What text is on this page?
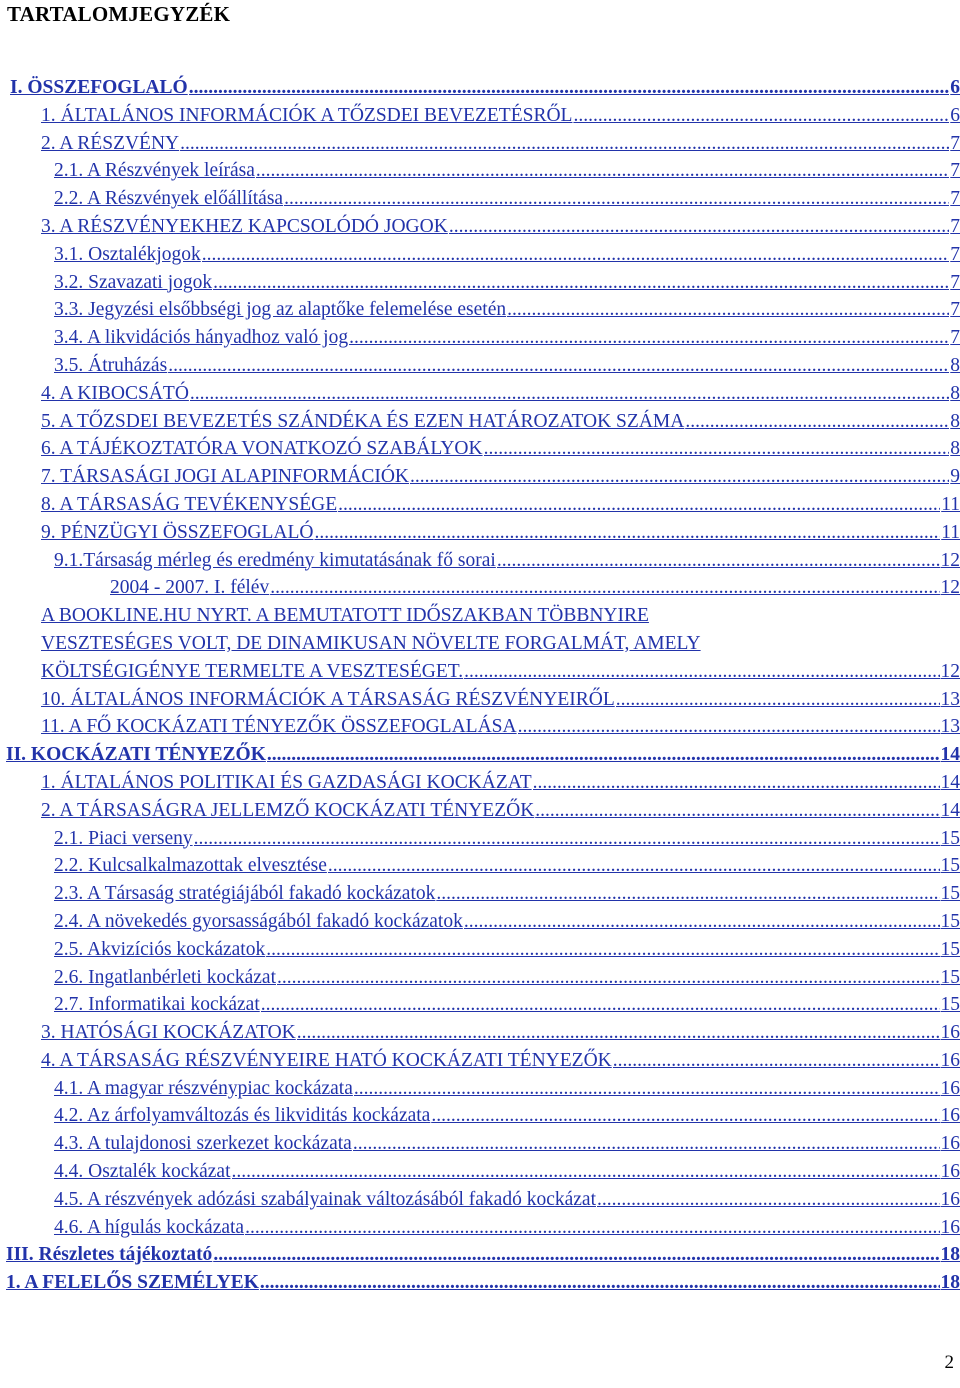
TARTALOMJEGYZÉK
I. ÖSSZEFOGLALÓ .....	6
1. ÁLTALÁNOS INFORMÁCIÓK A TŐZSDEI BEVEZETÉSRŐL .....	6
2. A RÉSZVÉNY .....	7
2.1. A Részvények leírása .....	7
2.2. A Részvények előállítása .....	7
3. A RÉSZVÉNYEKHEZ KAPCSOLÓDÓ JOGOK .....	7
3.1. Osztalékjogok .....	7
3.2. Szavazati jogok .....	7
3.3. Jegyzési elsőbbségi jog az alaptőke felemelése esetén .....	7
3.4. A likvidációs hányadhoz való jog .....	7
3.5. Átruházás .....	8
4. A KIBOCSÁTÓ .....	8
5. A TŐZSDEI BEVEZETÉS SZÁNDÉKA ÉS EZEN HATÁROZATOK SZÁMA .....	8
6. A TÁJÉKOZTATÓRA VONATKOZÓ SZABÁLYOK .....	8
7. TÁRSASÁGI JOGI ALAPINFORMÁCIÓK .....	9
8. A TÁRSASÁG TEVÉKENYSÉGE .....	11
9. PÉNZÜGYI ÖSSZEFOGLALÓ .....	11
9.1.Társaság mérleg és eredmény kimutatásának fő sorai .....	12
2004 - 2007. I. félév .....	12
A BOOKLINE.HU NYRT. A BEMUTATOTT IDŐSZAKBAN TÖBBNYIRE
VESZTESÉGES VOLT, DE DINAMIKUSAN NÖVELTE FORGALMÁT, AMELY
KÖLTSÉGIGÉNYE TERMELTE A VESZTESÉGET. .....	12
10. ÁLTALÁNOS INFORMÁCIÓK A TÁRSASÁG RÉSZVÉNYEIRŐL .....	13
11. A FŐ KOCKÁZATI TÉNYEZŐK ÖSSZEFOGLALÁSA .....	13
II. KOCKÁZATI TÉNYEZŐK .....	14
1. ÁLTALÁNOS POLITIKAI ÉS GAZDASÁGI KOCKÁZAT .....	14
2. A TÁRSASÁGRA JELLEMZŐ KOCKÁZATI TÉNYEZŐK .....	14
2.1. Piaci verseny .....	15
2.2. Kulcsalkalmazottak elvesztése .....	15
2.3. A Társaság stratégiájából fakadó kockázatok .....	15
2.4. A növekedés gyorsasságából fakadó kockázatok .....	15
2.5. Akvizíciós kockázatok .....	15
2.6. Ingatlanbérleti kockázat .....	15
2.7. Informatikai kockázat .....	15
3. HATÓSÁGI KOCKÁZATOK .....	16
4. A TÁRSASÁG RÉSZVÉNYEIRE HATÓ KOCKÁZATI TÉNYEZŐK .....	16
4.1. A magyar részvénypiac kockázata .....	16
4.2. Az árfolyamváltozás és likviditás kockázata .....	16
4.3. A tulajdonosi szerkezet kockázata .....	16
4.4. Osztalék kockázat .....	16
4.5. A részvények adózási szabályainak változásából fakadó kockázat .....	16
4.6. A hígulás kockázata .....	16
III. Részletes tájékoztató .....	18
1. A FELELŐS SZEMÉLYEK .....	18
2
